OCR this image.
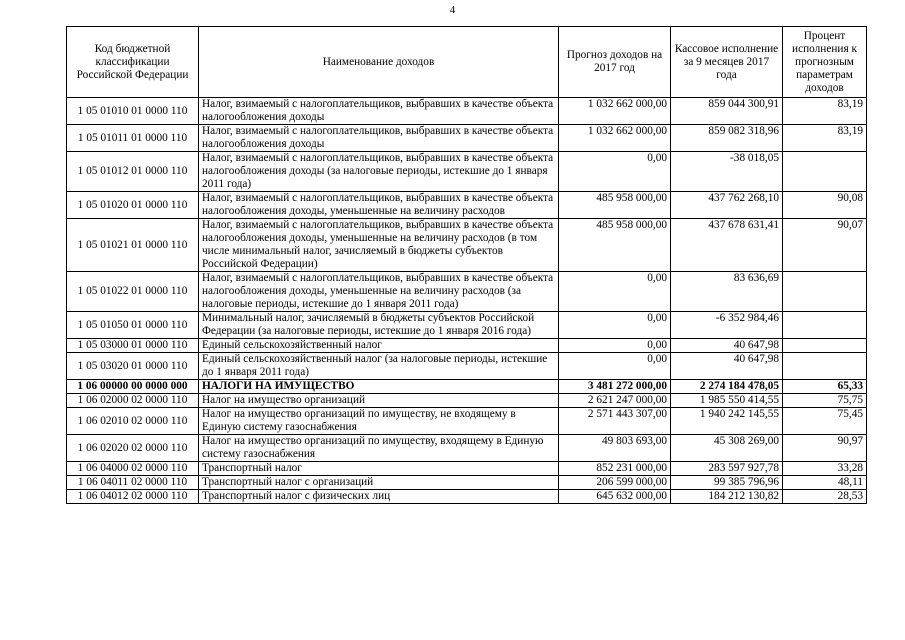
4
Код бюджетной классификации Российской Федерации	Наименование доходов	Прогноз доходов на 2017 год	Кассовое исполнение за 9 месяцев 2017 года	Процент исполнения к прогнозным параметрам доходов
1 05 01010 01 0000 110	Налог, взимаемый с налогоплательщиков, выбравших в качестве объекта налогообложения доходы	1 032 662 000,00	859 044 300,91	83,19
1 05 01011 01 0000 110	Налог, взимаемый с налогоплательщиков, выбравших в качестве объекта налогообложения доходы	1 032 662 000,00	859 082 318,96	83,19
1 05 01012 01 0000 110	Налог, взимаемый с налогоплательщиков, выбравших в качестве объекта налогообложения доходы (за налоговые периоды, истекшие до 1 января 2011 года)	0,00	-38 018,05	
1 05 01020 01 0000 110	Налог, взимаемый с налогоплательщиков, выбравших в качестве объекта налогообложения доходы, уменьшенные на величину расходов	485 958 000,00	437 762 268,10	90,08
1 05 01021 01 0000 110	Налог, взимаемый с налогоплательщиков, выбравших в качестве объекта налогообложения доходы, уменьшенные на величину расходов (в том числе минимальный налог, зачисляемый в бюджеты субъектов Российской Федерации)	485 958 000,00	437 678 631,41	90,07
1 05 01022 01 0000 110	Налог, взимаемый с налогоплательщиков, выбравших в качестве объекта налогообложения доходы, уменьшенные на величину расходов (за налоговые периоды, истекшие до 1 января 2011 года)	0,00	83 636,69	
1 05 01050 01 0000 110	Минимальный налог, зачисляемый в бюджеты субъектов Российской Федерации (за налоговые периоды, истекшие до 1 января 2016 года)	0,00	-6 352 984,46	
1 05 03000 01 0000 110	Единый сельскохозяйственный налог	0,00	40 647,98	
1 05 03020 01 0000 110	Единый сельскохозяйственный налог (за налоговые периоды, истекшие до 1 января 2011 года)	0,00	40 647,98	
1 06 00000 00 0000 000	НАЛОГИ НА ИМУЩЕСТВО	3 481 272 000,00	2 274 184 478,05	65,33
1 06 02000 02 0000 110	Налог на имущество организаций	2 621 247 000,00	1 985 550 414,55	75,75
1 06 02010 02 0000 110	Налог на имущество организаций по имуществу, не входящему в Единую систему газоснабжения	2 571 443 307,00	1 940 242 145,55	75,45
1 06 02020 02 0000 110	Налог на имущество организаций по имуществу, входящему в Единую систему газоснабжения	49 803 693,00	45 308 269,00	90,97
1 06 04000 02 0000 110	Транспортный налог	852 231 000,00	283 597 927,78	33,28
1 06 04011 02 0000 110	Транспортный налог с организаций	206 599 000,00	99 385 796,96	48,11
1 06 04012 02 0000 110	Транспортный налог с физических лиц	645 632 000,00	184 212 130,82	28,53
